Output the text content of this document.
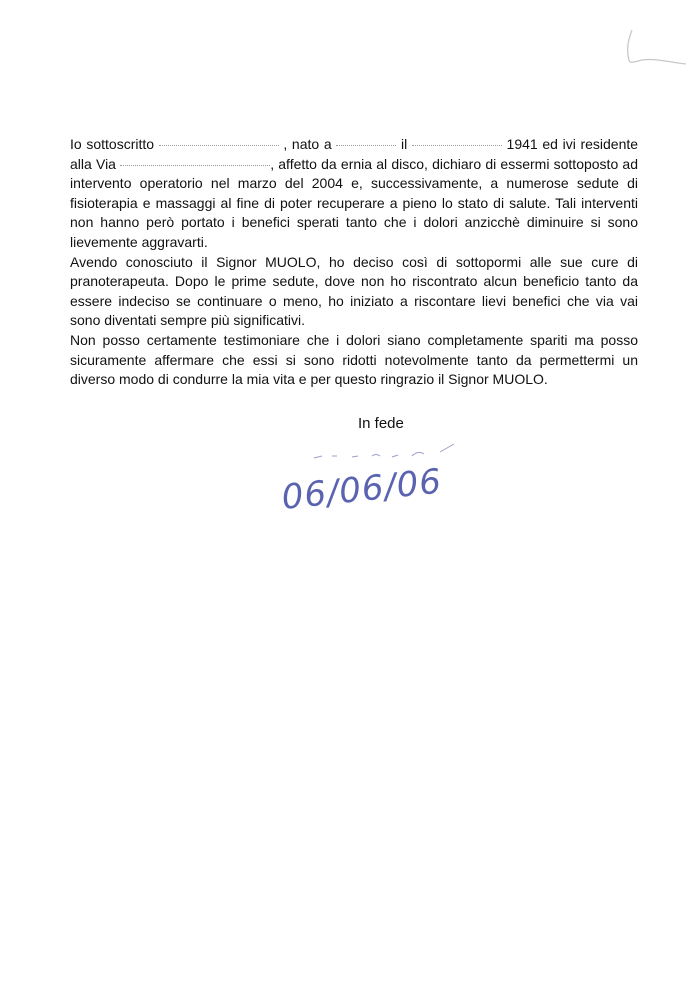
Io sottoscritto	, nato a	il	1941 ed ivi residente alla Via	, affetto da ernia al disco, dichiaro di essermi sottoposto ad intervento operatorio nel marzo del 2004 e, successivamente, a numerose sedute di fisioterapia e massaggi al fine di poter recuperare a pieno lo stato di salute. Tali interventi non hanno però portato i benefici sperati tanto che i dolori anzicchè diminuire si sono lievemente aggravarti.

Avendo conosciuto il Signor MUOLO, ho deciso così di sottopormi alle sue cure di pranoterapeuta. Dopo le prime sedute, dove non ho riscontrato alcun beneficio tanto da essere indeciso se continuare o meno, ho iniziato a riscontare lievi benefici che via vai sono diventati sempre più significativi.

Non posso certamente testimoniare che i dolori siano completamente spariti ma posso sicuramente affermare che essi si sono ridotti notevolmente tanto da permettermi un diverso modo di condurre la mia vita e per questo ringrazio il Signor MUOLO.

In fede
06/06/06
